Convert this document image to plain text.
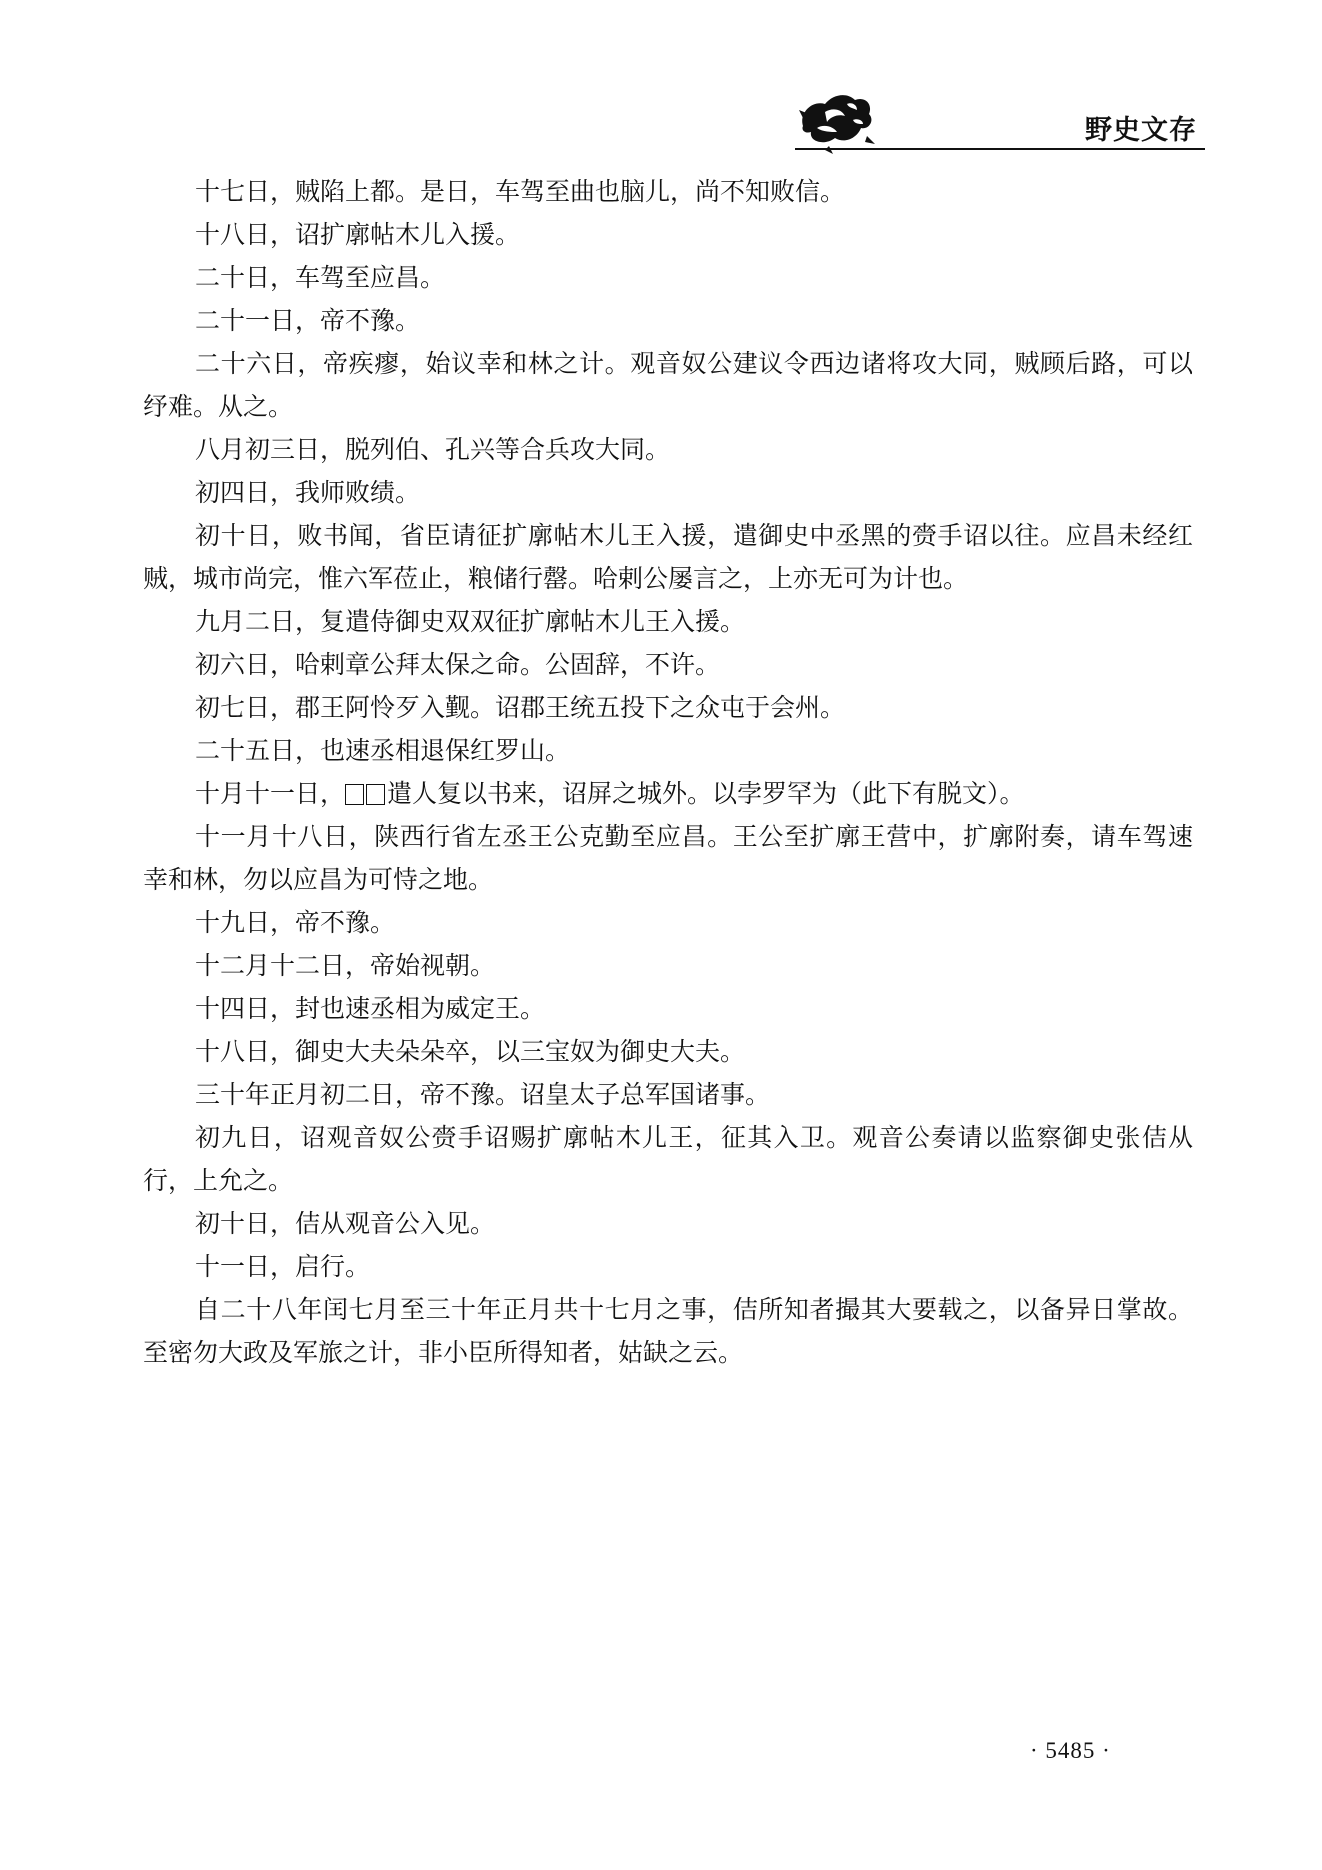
野史文存

十七日，贼陷上都。是日，车驾至曲也脑儿，尚不知败信。

十八日，诏扩廓帖木儿入援。

二十日，车驾至应昌。

二十一日，帝不豫。

二十六日，帝疾瘳，始议幸和林之计。观音奴公建议令西边诸将攻大同，贼顾后路，可以纾难。从之。

八月初三日，脱列伯、孔兴等合兵攻大同。

初四日，我师败绩。

初十日，败书闻，省臣请征扩廓帖木儿王入援，遣御史中丞黑的赍手诏以往。应昌未经红贼，城市尚完，惟六军莅止，粮储行罄。哈剌公屡言之，上亦无可为计也。

九月二日，复遣侍御史双双征扩廓帖木儿王入援。

初六日，哈剌章公拜太保之命。公固辞，不许。

初七日，郡王阿怜歹入觐。诏郡王统五投下之众屯于会州。

二十五日，也速丞相退保红罗山。

十月十一日， 遣人复以书来，诏屏之城外。以孛罗罕为（此下有脱文）。

十一月十八日，陕西行省左丞王公克勤至应昌。王公至扩廓王营中，扩廓附奏，请车驾速幸和林，勿以应昌为可恃之地。

十九日，帝不豫。

十二月十二日，帝始视朝。

十四日，封也速丞相为威定王。

十八日，御史大夫朵朵卒，以三宝奴为御史大夫。

三十年正月初二日，帝不豫。诏皇太子总军国诸事。

初九日，诏观音奴公赍手诏赐扩廓帖木儿王，征其入卫。观音公奏请以监察御史张佶从行，上允之。

初十日，佶从观音公入见。

十一日，启行。

自二十八年闰七月至三十年正月共十七月之事，佶所知者撮其大要载之，以备异日掌故。至密勿大政及军旅之计，非小臣所得知者，姑缺之云。

· 5485 ·
